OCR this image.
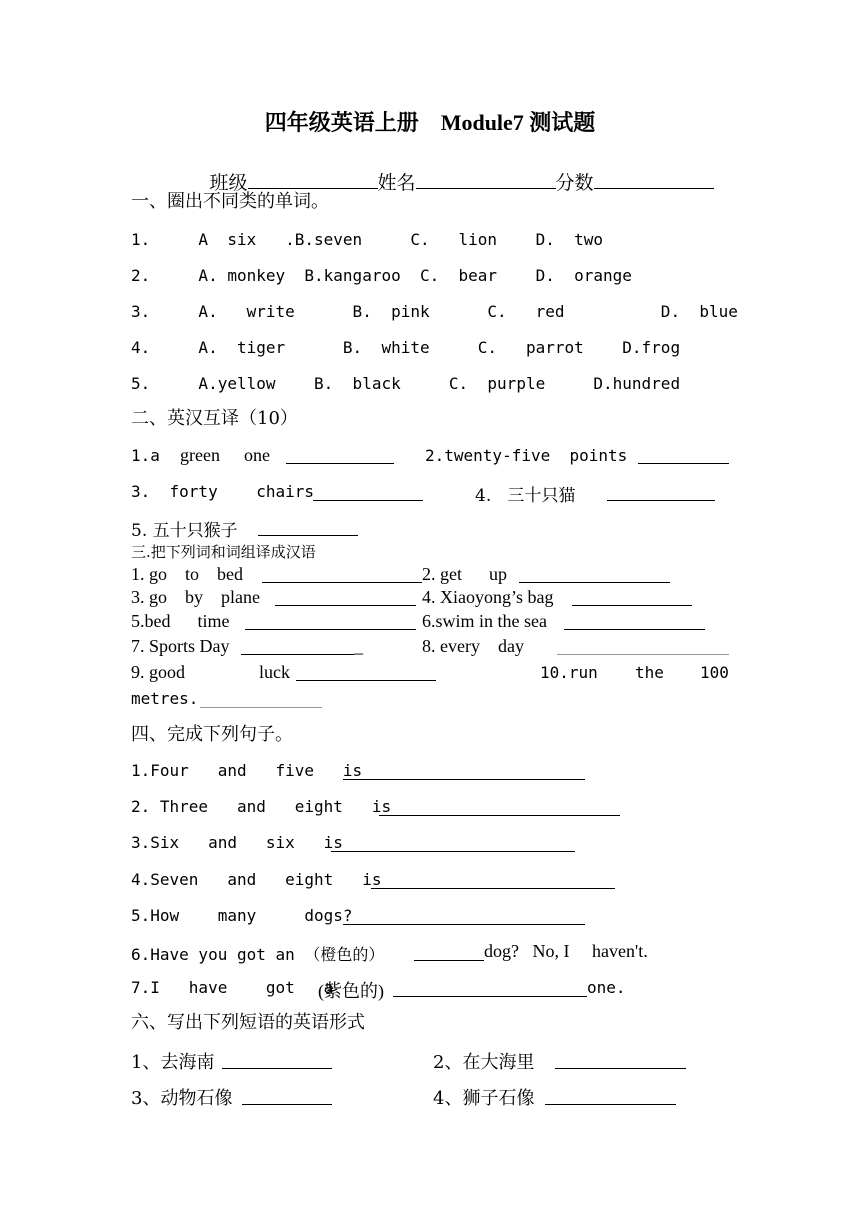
四年级英语上册　Module7 测试题

班级	姓名	分数

一、圈出不同类的单词。
1.     A  six   .B.seven     C.   lion    D.  two
2.     A. monkey  B.kangaroo  C.  bear    D.  orange
3.     A.   write      B.  pink      C.   red          D.  blue
4.     A.  tiger      B.  white     C.   parrot    D.frog
5.     A.yellow    B.  black     C.  purple     D.hundred
二、英汉互译（10）
1.a green one	2.twenty-five  points
3.  forty    chairs	4.   三十只猫
5. 五十只猴子
三.把下列词和词组译成汉语
1. go    to    bed	2. get      up
3. go    by    plane	4. Xiaoyong’s bag
5.bed      time	6.swim in the sea
7. Sports Day	_	8. every    day
9. good	luck	10.run the 100
metres.
四、完成下列句子。
1.Four   and   five   is
2. Three   and   eight   is
3.Six   and   six   is
4.Seven   and   eight   is
5.How    many     dogs?
6.Have you got an （橙色的）	dog?   No, I     haven't.
7.I   have    got   a
(紫色的)	one.
六、写出下列短语的英语形式
1、去海南	2、在大海里
3、动物石像	4、狮子石像
